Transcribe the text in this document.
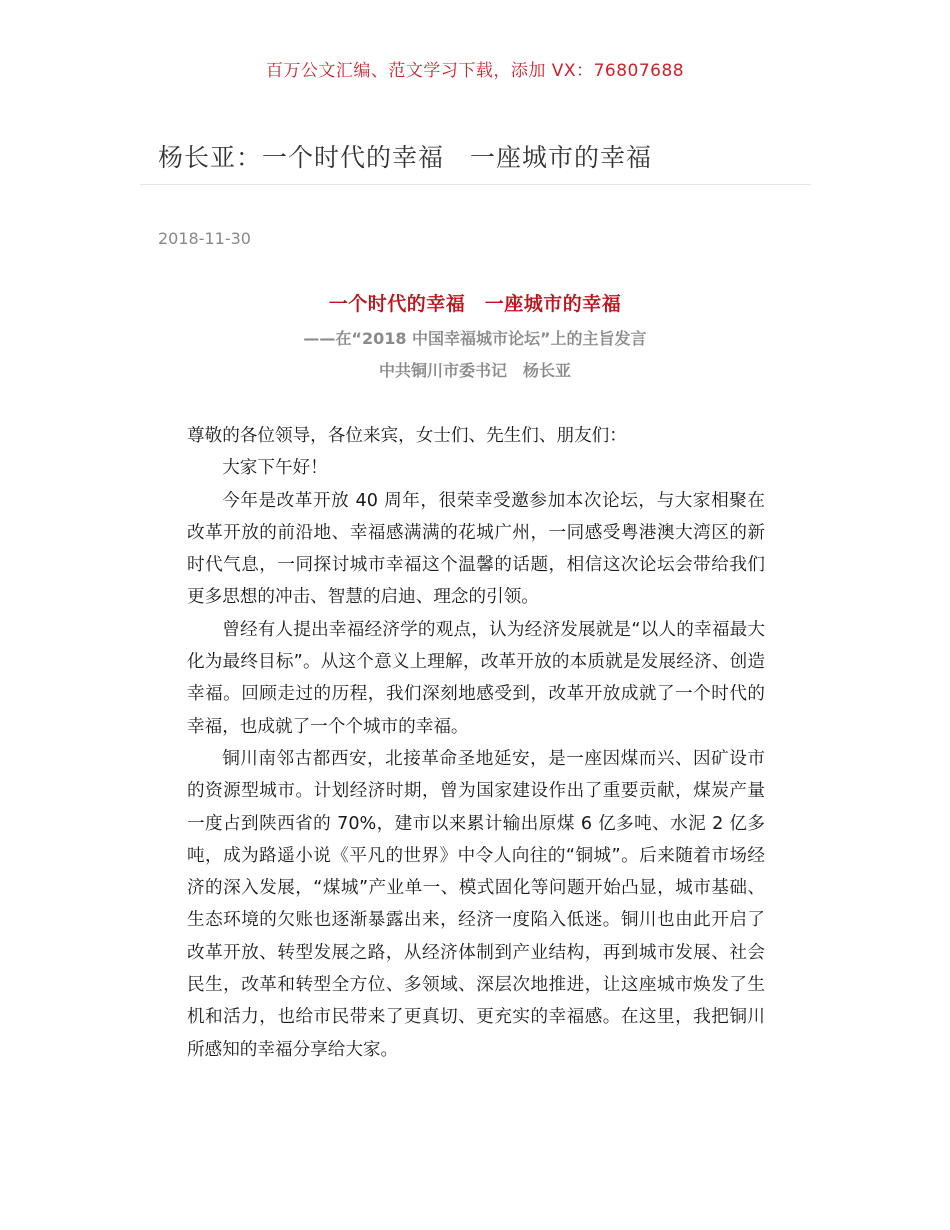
百万公文汇编、范文学习下载，添加 VX：76807688
杨长亚：一个时代的幸福　一座城市的幸福
2018-11-30
一个时代的幸福　一座城市的幸福
——在“2018 中国幸福城市论坛”上的主旨发言
中共铜川市委书记　杨长亚

尊敬的各位领导，各位来宾，女士们、先生们、朋友们：

大家下午好！

今年是改革开放 40 周年，很荣幸受邀参加本次论坛，与大家相聚在改革开放的前沿地、幸福感满满的花城广州，一同感受粤港澳大湾区的新时代气息，一同探讨城市幸福这个温馨的话题，相信这次论坛会带给我们更多思想的冲击、智慧的启迪、理念的引领。

曾经有人提出幸福经济学的观点，认为经济发展就是“以人的幸福最大化为最终目标”。从这个意义上理解，改革开放的本质就是发展经济、创造幸福。回顾走过的历程，我们深刻地感受到，改革开放成就了一个时代的幸福，也成就了一个个城市的幸福。

铜川南邻古都西安，北接革命圣地延安，是一座因煤而兴、因矿设市的资源型城市。计划经济时期，曾为国家建设作出了重要贡献，煤炭产量一度占到陕西省的 70%，建市以来累计输出原煤 6 亿多吨、水泥 2 亿多吨，成为路遥小说《平凡的世界》中令人向往的“铜城”。后来随着市场经济的深入发展，“煤城”产业单一、模式固化等问题开始凸显，城市基础、生态环境的欠账也逐渐暴露出来，经济一度陷入低迷。铜川也由此开启了改革开放、转型发展之路，从经济体制到产业结构，再到城市发展、社会民生，改革和转型全方位、多领域、深层次地推进，让这座城市焕发了生机和活力，也给市民带来了更真切、更充实的幸福感。在这里，我把铜川所感知的幸福分享给大家。
